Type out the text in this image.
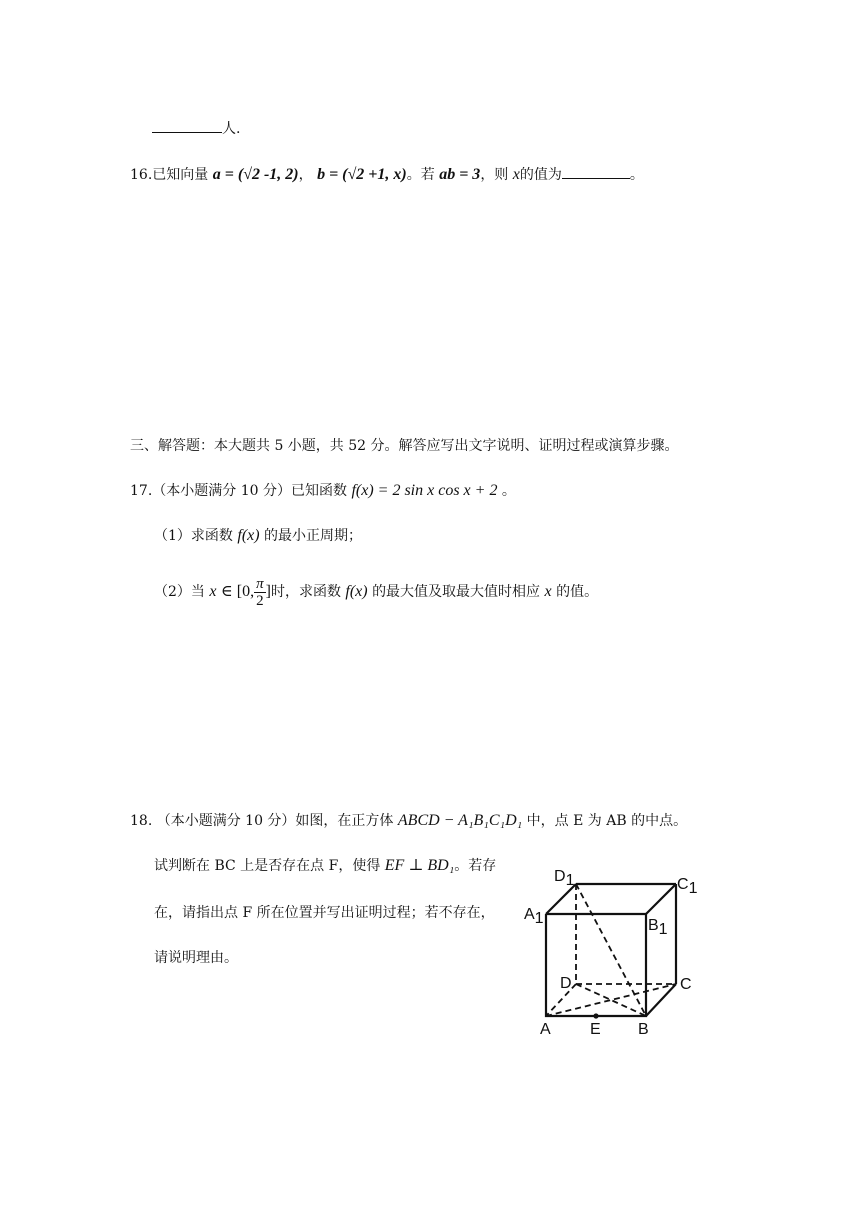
人.
16.已知向量 a = (√2 -1, 2)， b = (√2 +1, x)。若 ab = 3，则 x的值为	。
三、解答题：本大题共 5 小题，共 52 分。解答应写出文字说明、证明过程或演算步骤。
17.（本小题满分 10 分）已知函数 f(x) = 2 sin x cos x + 2 。
（1）求函数 f(x) 的最小正周期；
（2）当 x ∈ [0, $\frac{\pi}{2}$ ]时，求函数 f(x) 的最大值及取最大值时相应 x 的值。
18. （本小题满分 10 分）如图，在正方体 ABCD − A₁B₁C₁D₁ 中，点 E 为 AB 的中点。
试判断在 BC 上是否存在点 F，使得 EF ⊥ BD₁。若存
在，请指出点 F 所在位置并写出证明过程；若不存在，
请说明理由。
D1	C1
A1	B1
D	C
A E B
